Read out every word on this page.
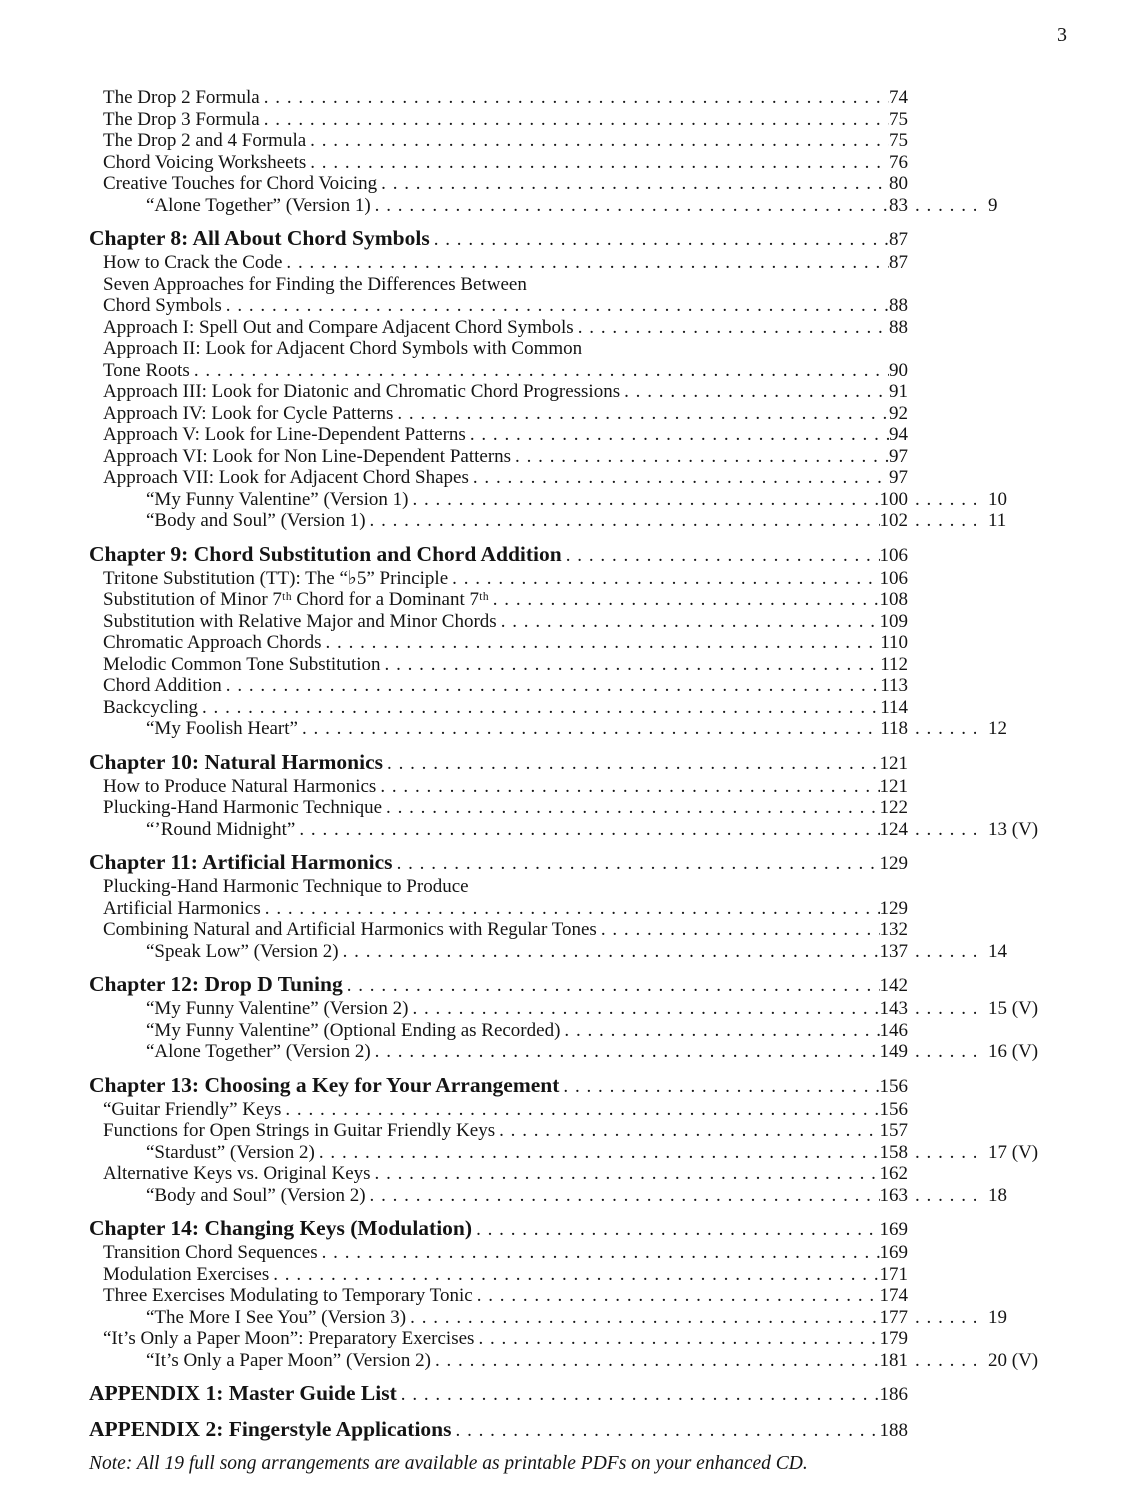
3
The Drop 2 Formula .....	74
The Drop 3 Formula .....	75
The Drop 2 and 4 Formula .....	75
Chord Voicing Worksheets .....	76
Creative Touches for Chord Voicing .....	80
“Alone Together” (Version 1) .....	83 .....	9
Chapter 8: All About Chord Symbols .....	87
How to Crack the Code .....	87
Seven Approaches for Finding the Differences Between
Chord Symbols .....	88
Approach I: Spell Out and Compare Adjacent Chord Symbols .....	88
Approach II: Look for Adjacent Chord Symbols with Common
Tone Roots .....	90
Approach III: Look for Diatonic and Chromatic Chord Progressions .....	91
Approach IV: Look for Cycle Patterns .....	92
Approach V: Look for Line-Dependent Patterns .....	94
Approach VI: Look for Non Line-Dependent Patterns .....	97
Approach VII: Look for Adjacent Chord Shapes .....	97
“My Funny Valentine” (Version 1) .....	100 .....	10
“Body and Soul” (Version 1) .....	102 .....	11
Chapter 9: Chord Substitution and Chord Addition .....	106
Tritone Substitution (TT): The “♭5” Principle .....	106
Substitution of Minor 7ᵗʰ Chord for a Dominant 7ᵗʰ .....	108
Substitution with Relative Major and Minor Chords .....	109
Chromatic Approach Chords .....	110
Melodic Common Tone Substitution .....	112
Chord Addition .....	113
Backcycling .....	114
“My Foolish Heart” .....	118 .....	12
Chapter 10: Natural Harmonics .....	121
How to Produce Natural Harmonics .....	121
Plucking-Hand Harmonic Technique .....	122
“’Round Midnight” .....	124 .....	13 (V)
Chapter 11: Artificial Harmonics .....	129
Plucking-Hand Harmonic Technique to Produce
Artificial Harmonics .....	129
Combining Natural and Artificial Harmonics with Regular Tones .....	132
“Speak Low” (Version 2) .....	137 .....	14
Chapter 12: Drop D Tuning .....	142
“My Funny Valentine” (Version 2) .....	143 .....	15 (V)
“My Funny Valentine” (Optional Ending as Recorded) .....	146
“Alone Together” (Version 2) .....	149 .....	16 (V)
Chapter 13: Choosing a Key for Your Arrangement .....	156
“Guitar Friendly” Keys .....	156
Functions for Open Strings in Guitar Friendly Keys .....	157
“Stardust” (Version 2) .....	158 .....	17 (V)
Alternative Keys vs. Original Keys .....	162
“Body and Soul” (Version 2) .....	163 .....	18
Chapter 14: Changing Keys (Modulation) .....	169
Transition Chord Sequences .....	169
Modulation Exercises .....	171
Three Exercises Modulating to Temporary Tonic .....	174
“The More I See You” (Version 3) .....	177 .....	19
“It’s Only a Paper Moon”: Preparatory Exercises .....	179
“It’s Only a Paper Moon” (Version 2) .....	181 .....	20 (V)
APPENDIX 1: Master Guide List .....	186
APPENDIX 2: Fingerstyle Applications .....	188
Note: All 19 full song arrangements are available as printable PDFs on your enhanced CD.
